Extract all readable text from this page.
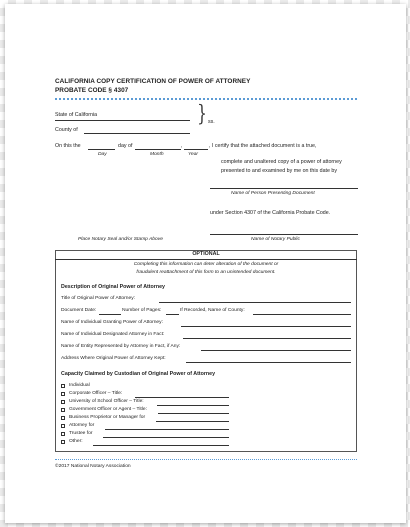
CALIFORNIA COPY CERTIFICATION OF POWER OF ATTORNEY
PROBATE CODE § 4307
State of California
County of
} ss.
On this the	day of	,	, I certify that the attached document is a true,
Day	Month	Year
complete and unaltered copy of a power of attorney
presented to and examined by me on this date by
Name of Person Presenting Document
under Section 4307 of the California Probate Code.
Place Notary Seal and/or Stamp Above	Name of Notary Public
OPTIONAL
Completing this information can deter alteration of the document or
fraudulent reattachment of this form to an unintended document.
Description of Original Power of Attorney
Title of Original Power of Attorney:
Document Date:	Number of Pages:	If Recorded, Name of County:
Name of Individual Granting Power of Attorney:
Name of Individual Designated Attorney in Fact:
Name of Entity Represented by Attorney in Fact, if Any:
Address Where Original Power of Attorney Kept:
Capacity Claimed by Custodian of Original Power of Attorney
Individual
Corporate Officer – Title:
University of School Officer – Title:
Government Officer or Agent – Title:
Business Proprietor or Manager for
Attorney for
Trustee for
Other:
©2017 National Notary Association
